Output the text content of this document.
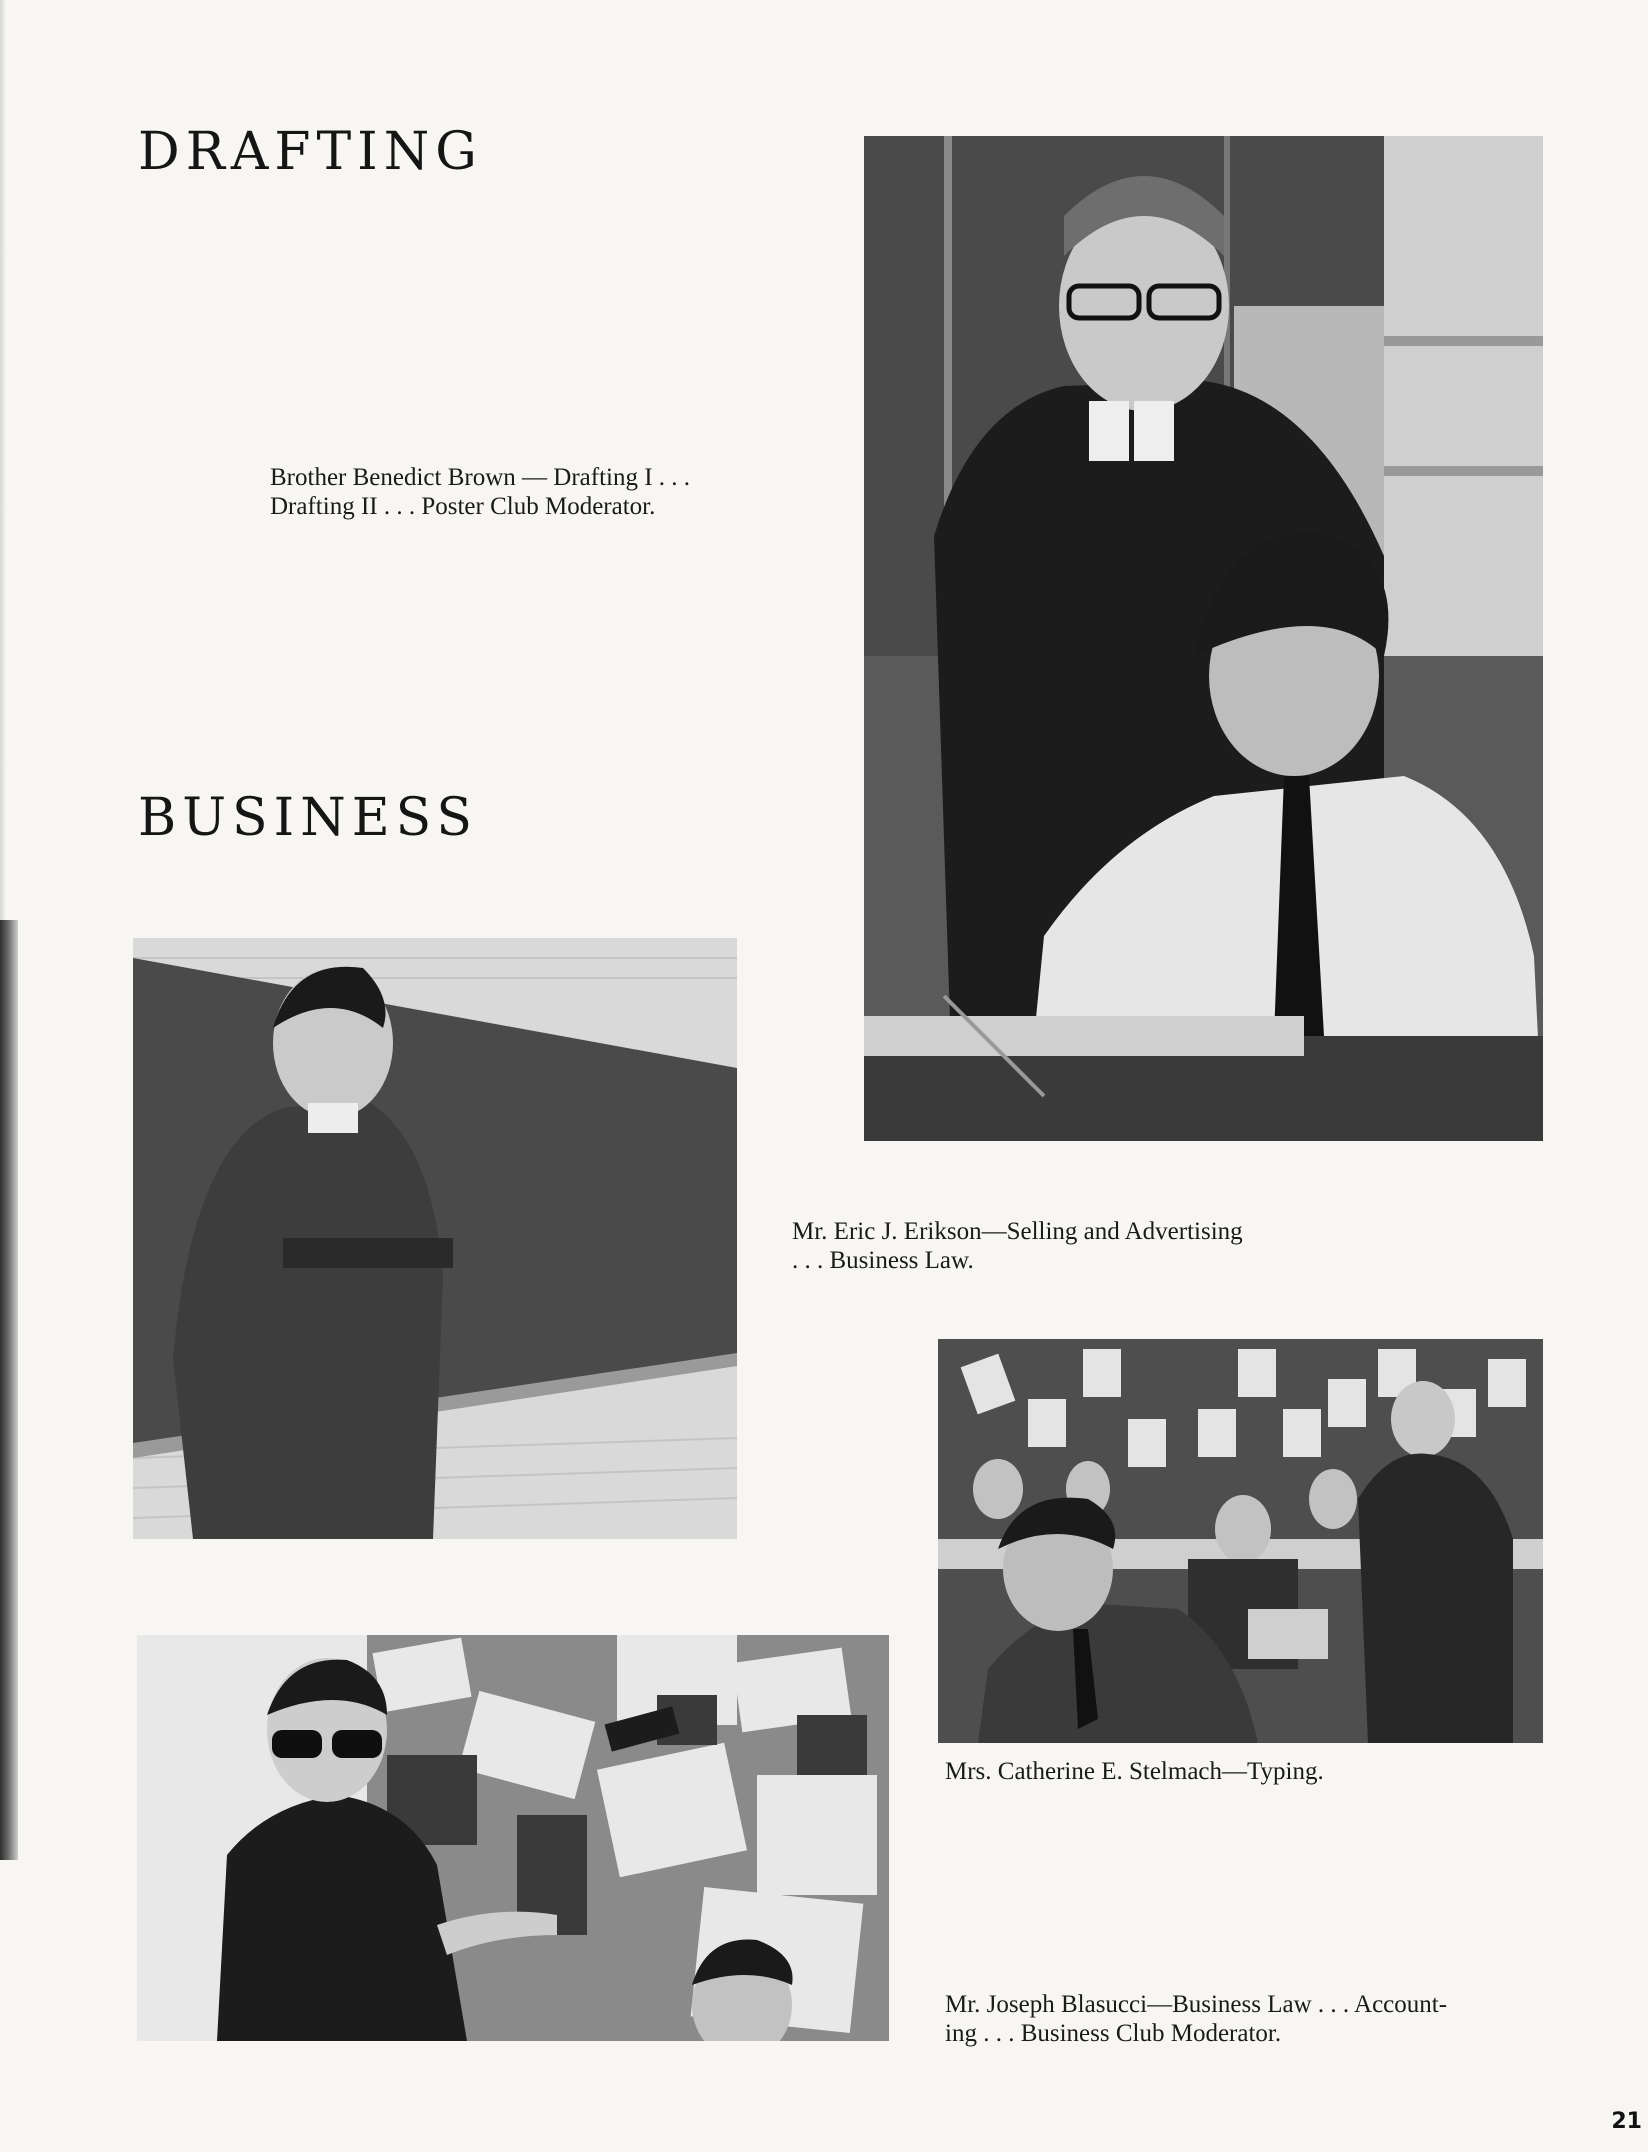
DRAFTING

Brother Benedict Brown — Drafting I . . .
Drafting II . . . Poster Club Moderator.

BUSINESS

Mr. Eric J. Erikson—Selling and Advertising
. . . Business Law.

Mrs. Catherine E. Stelmach—Typing.

Mr. Joseph Blasucci—Business Law . . . Account-
ing . . . Business Club Moderator.

21
